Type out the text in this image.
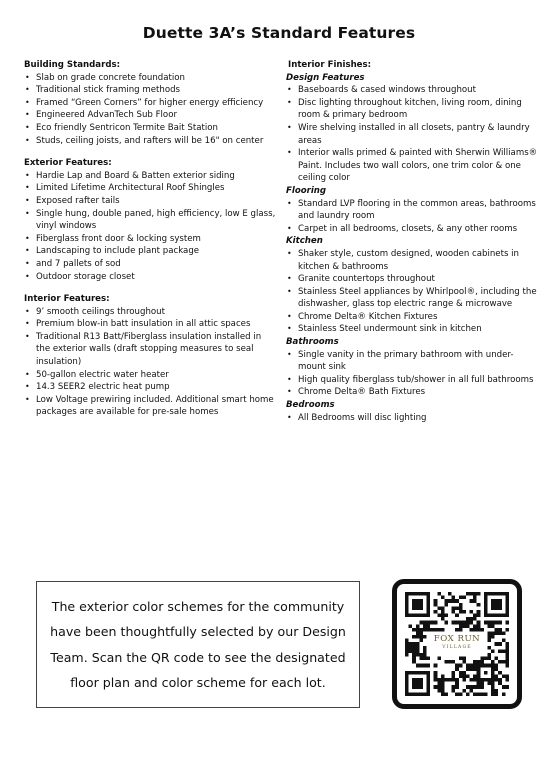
Duette 3A’s Standard Features

Building Standards:

• Slab on grade concrete foundation
• Traditional stick framing methods
• Framed “Green Corners” for higher energy efficiency
• Engineered AdvanTech Sub Floor
• Eco friendly Sentricon Termite Bait Station
• Studs, ceiling joists, and rafters will be 16" on center

Exterior Features:

• Hardie Lap and Board & Batten exterior siding
• Limited Lifetime Architectural Roof Shingles
• Exposed rafter tails
• Single hung, double paned, high efficiency, low E glass, vinyl windows
• Fiberglass front door & locking system
• Landscaping to include plant package
• and 7 pallets of sod
• Outdoor storage closet

Interior Features:

• 9’ smooth ceilings throughout
• Premium blow-in batt insulation in all attic spaces
• Traditional R13 Batt/Fiberglass insulation installed in the exterior walls (draft stopping measures to seal insulation)
• 50-gallon electric water heater
• 14.3 SEER2 electric heat pump
• Low Voltage prewiring included. Additional smart home packages are available for pre-sale homes

Interior Finishes:

Design Features

• Baseboards & cased windows throughout
• Disc lighting throughout kitchen, living room, dining room & primary bedroom
• Wire shelving installed in all closets, pantry & laundry areas
• Interior walls primed & painted with Sherwin Williams® Paint. Includes two wall colors, one trim color & one ceiling color

Flooring

• Standard LVP flooring in the common areas, bathrooms and laundry room
• Carpet in all bedrooms, closets, & any other rooms

Kitchen

• Shaker style, custom designed, wooden cabinets in kitchen & bathrooms
• Granite countertops throughout
• Stainless Steel appliances by Whirlpool®, including the dishwasher, glass top electric range & microwave
• Chrome Delta® Kitchen Fixtures
• Stainless Steel undermount sink in kitchen

Bathrooms

• Single vanity in the primary bathroom with under-mount sink
• High quality fiberglass tub/shower in all full bathrooms
• Chrome Delta® Bath Fixtures

Bedrooms

• All Bedrooms will disc lighting

The exterior color schemes for the community have been thoughtfully selected by our Design Team. Scan the QR code to see the designated floor plan and color scheme for each lot.

FOX RUN
VILLAGE
